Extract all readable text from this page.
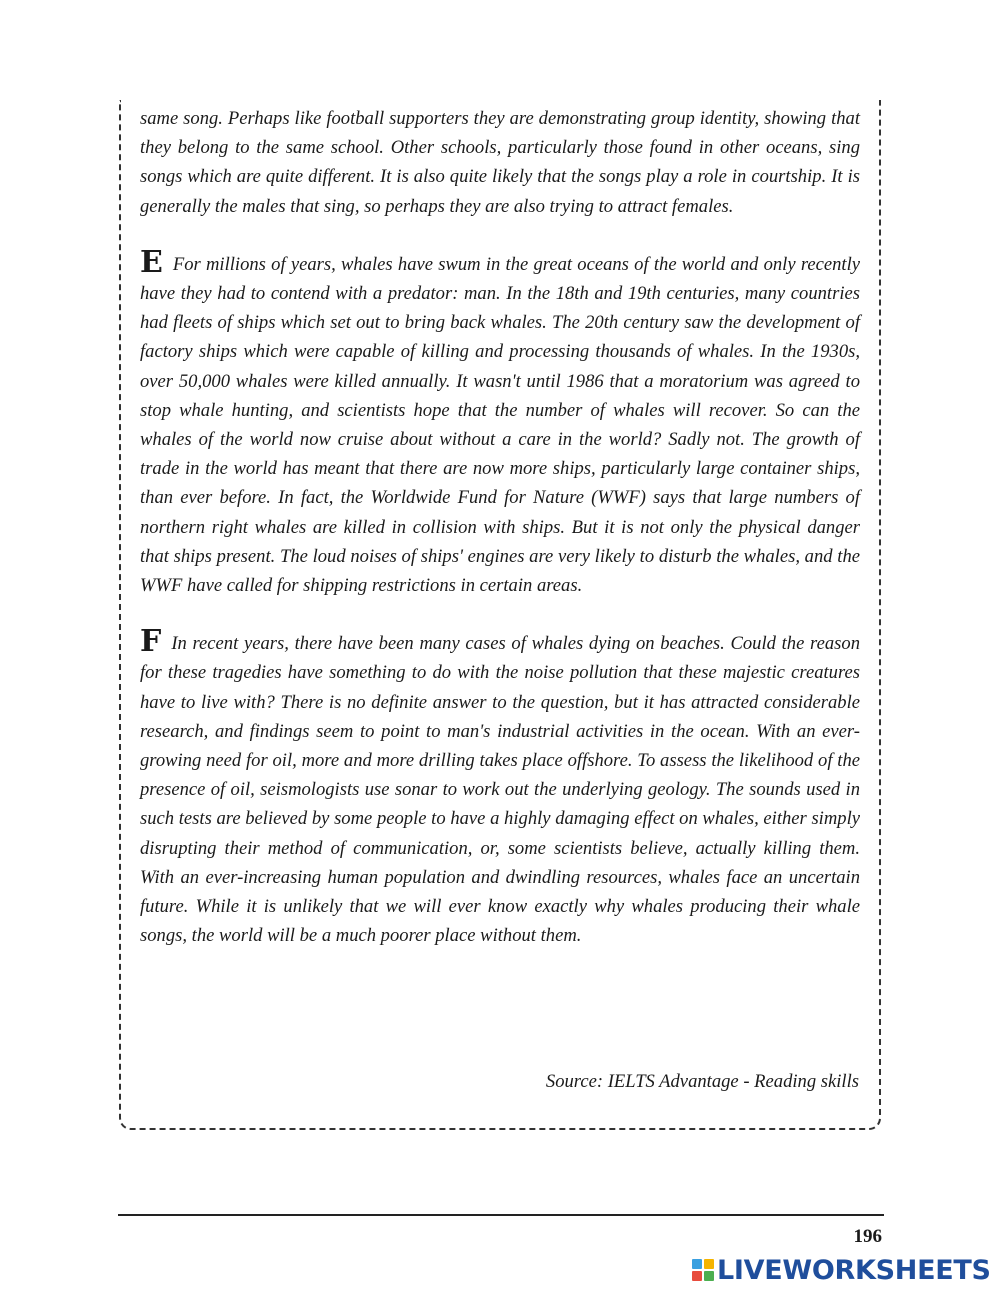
same song. Perhaps like football supporters they are demonstrating group identity, showing that they belong to the same school. Other schools, particularly those found in other oceans, sing songs which are quite different. It is also quite likely that the songs play a role in courtship. It is generally the males that sing, so perhaps they are also trying to attract females.

E For millions of years, whales have swum in the great oceans of the world and only recently have they had to contend with a predator: man. In the 18th and 19th centuries, many countries had fleets of ships which set out to bring back whales. The 20th century saw the development of factory ships which were capable of killing and processing thousands of whales. In the 1930s, over 50,000 whales were killed annually. It wasn't until 1986 that a moratorium was agreed to stop whale hunting, and scientists hope that the number of whales will recover. So can the whales of the world now cruise about without a care in the world? Sadly not. The growth of trade in the world has meant that there are now more ships, particularly large container ships, than ever before. In fact, the Worldwide Fund for Nature (WWF) says that large numbers of northern right whales are killed in collision with ships. But it is not only the physical danger that ships present. The loud noises of ships' engines are very likely to disturb the whales, and the WWF have called for shipping restrictions in certain areas.

F In recent years, there have been many cases of whales dying on beaches. Could the reason for these tragedies have something to do with the noise pollution that these majestic creatures have to live with? There is no definite answer to the question, but it has attracted considerable research, and findings seem to point to man's industrial activities in the ocean. With an ever-growing need for oil, more and more drilling takes place offshore. To assess the likelihood of the presence of oil, seismologists use sonar to work out the underlying geology. The sounds used in such tests are believed by some people to have a highly damaging effect on whales, either simply disrupting their method of communication, or, some scientists believe, actually killing them. With an ever-increasing human population and dwindling resources, whales face an uncertain future. While it is unlikely that we will ever know exactly why whales producing their whale songs, the world will be a much poorer place without them.

Source: IELTS Advantage - Reading skills
196
LIVEWORKSHEETS
